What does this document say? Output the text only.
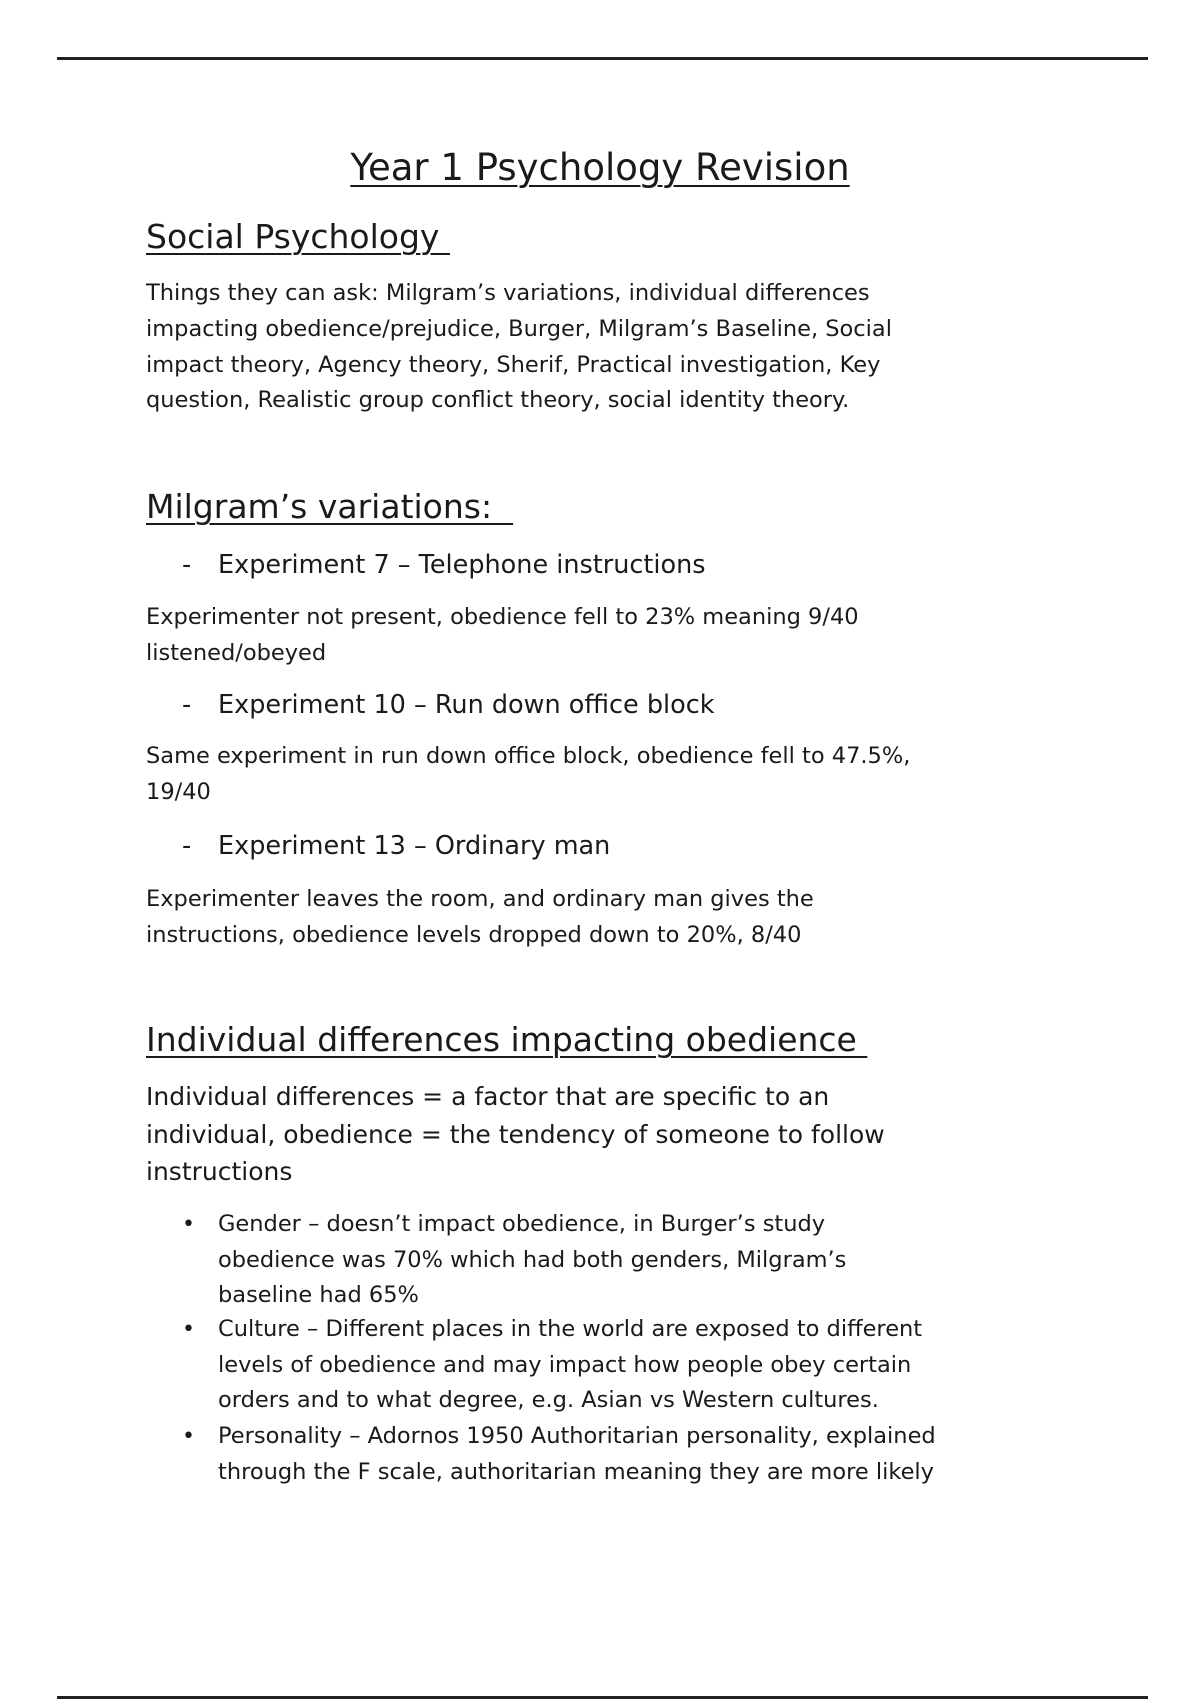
Year 1 Psychology Revision
Social Psychology
Things they can ask: Milgram’s variations, individual differences
impacting obedience/prejudice, Burger, Milgram’s Baseline, Social
impact theory, Agency theory, Sherif, Practical investigation, Key
question, Realistic group conflict theory, social identity theory.
Milgram’s variations:
- Experiment 7 – Telephone instructions
Experimenter not present, obedience fell to 23% meaning 9/40
listened/obeyed
- Experiment 10 – Run down office block
Same experiment in run down office block, obedience fell to 47.5%,
19/40
- Experiment 13 – Ordinary man
Experimenter leaves the room, and ordinary man gives the
instructions, obedience levels dropped down to 20%, 8/40
Individual differences impacting obedience
Individual differences = a factor that are specific to an
individual, obedience = the tendency of someone to follow
instructions
• Gender – doesn’t impact obedience, in Burger’s study
obedience was 70% which had both genders, Milgram’s
baseline had 65%
• Culture – Different places in the world are exposed to different
levels of obedience and may impact how people obey certain
orders and to what degree, e.g. Asian vs Western cultures.
• Personality – Adornos 1950 Authoritarian personality, explained
through the F scale, authoritarian meaning they are more likely
